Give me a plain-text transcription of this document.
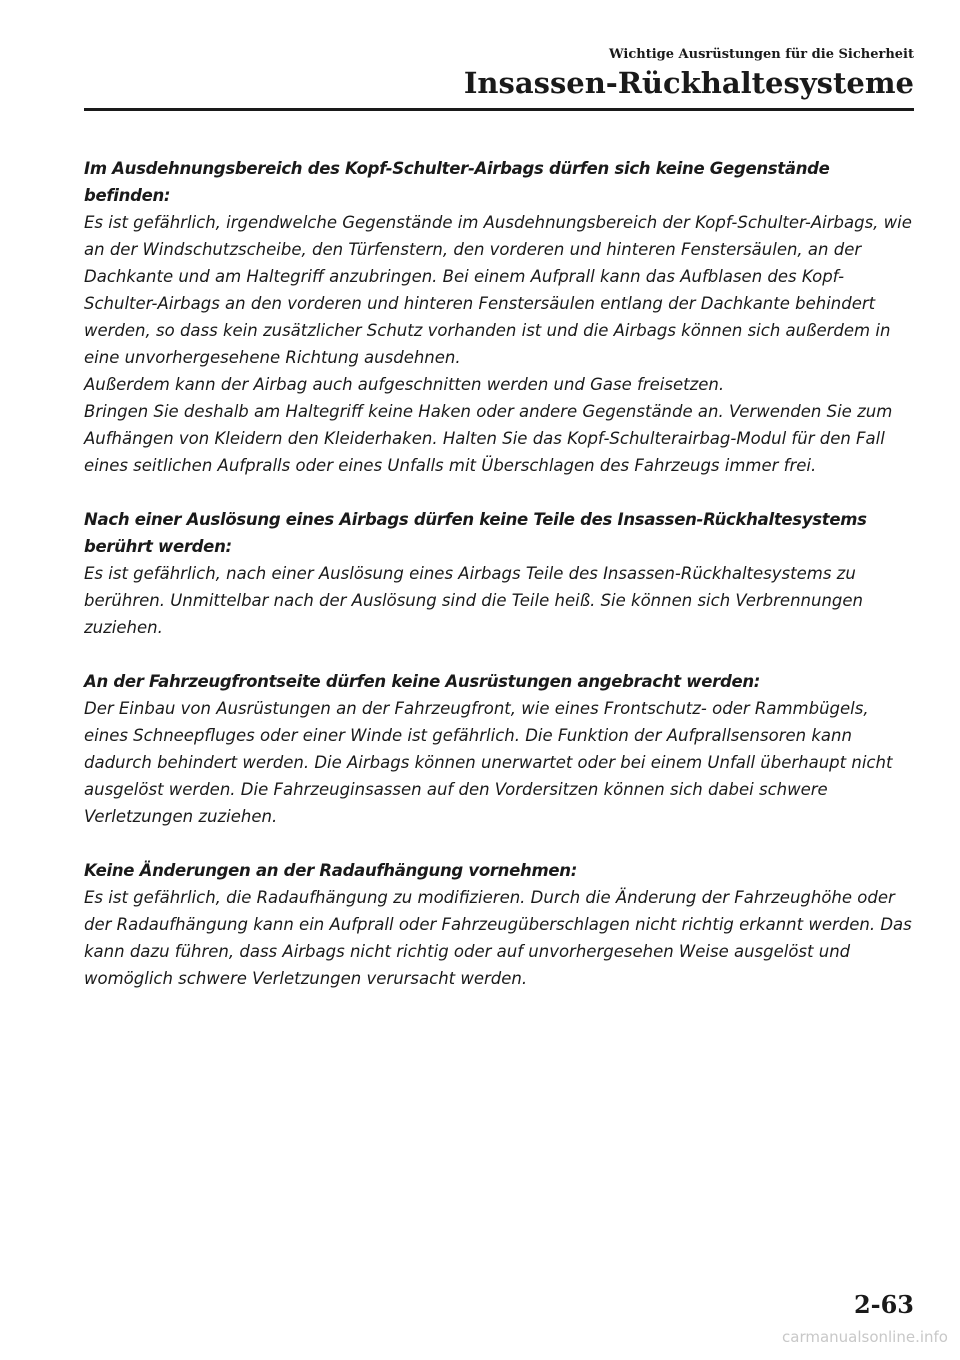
Wichtige Ausrüstungen für die Sicherheit
Insassen-Rückhaltesysteme
Im Ausdehnungsbereich des Kopf-Schulter-Airbags dürfen sich keine Gegenstände befinden:

Es ist gefährlich, irgendwelche Gegenstände im Ausdehnungsbereich der Kopf-Schulter-Airbags, wie an der Windschutzscheibe, den Türfenstern, den vorderen und hinteren Fenstersäulen, an der Dachkante und am Haltegriff anzubringen. Bei einem Aufprall kann das Aufblasen des Kopf-Schulter-Airbags an den vorderen und hinteren Fenstersäulen entlang der Dachkante behindert werden, so dass kein zusätzlicher Schutz vorhanden ist und die Airbags können sich außerdem in eine unvorhergesehene Richtung ausdehnen.

Außerdem kann der Airbag auch aufgeschnitten werden und Gase freisetzen.

Bringen Sie deshalb am Haltegriff keine Haken oder andere Gegenstände an. Verwenden Sie zum Aufhängen von Kleidern den Kleiderhaken. Halten Sie das Kopf-Schulterairbag-Modul für den Fall eines seitlichen Aufpralls oder eines Unfalls mit Überschlagen des Fahrzeugs immer frei.

Nach einer Auslösung eines Airbags dürfen keine Teile des Insassen-Rückhaltesystems berührt werden:

Es ist gefährlich, nach einer Auslösung eines Airbags Teile des Insassen-Rückhaltesystems zu berühren. Unmittelbar nach der Auslösung sind die Teile heiß. Sie können sich Verbrennungen zuziehen.

An der Fahrzeugfrontseite dürfen keine Ausrüstungen angebracht werden:

Der Einbau von Ausrüstungen an der Fahrzeugfront, wie eines Frontschutz- oder Rammbügels, eines Schneepfluges oder einer Winde ist gefährlich. Die Funktion der Aufprallsensoren kann dadurch behindert werden. Die Airbags können unerwartet oder bei einem Unfall überhaupt nicht ausgelöst werden. Die Fahrzeuginsassen auf den Vordersitzen können sich dabei schwere Verletzungen zuziehen.

Keine Änderungen an der Radaufhängung vornehmen:

Es ist gefährlich, die Radaufhängung zu modifizieren. Durch die Änderung der Fahrzeughöhe oder der Radaufhängung kann ein Aufprall oder Fahrzeugüberschlagen nicht richtig erkannt werden. Das kann dazu führen, dass Airbags nicht richtig oder auf unvorhergesehen Weise ausgelöst und womöglich schwere Verletzungen verursacht werden.

2-63
carmanualsonline.info
